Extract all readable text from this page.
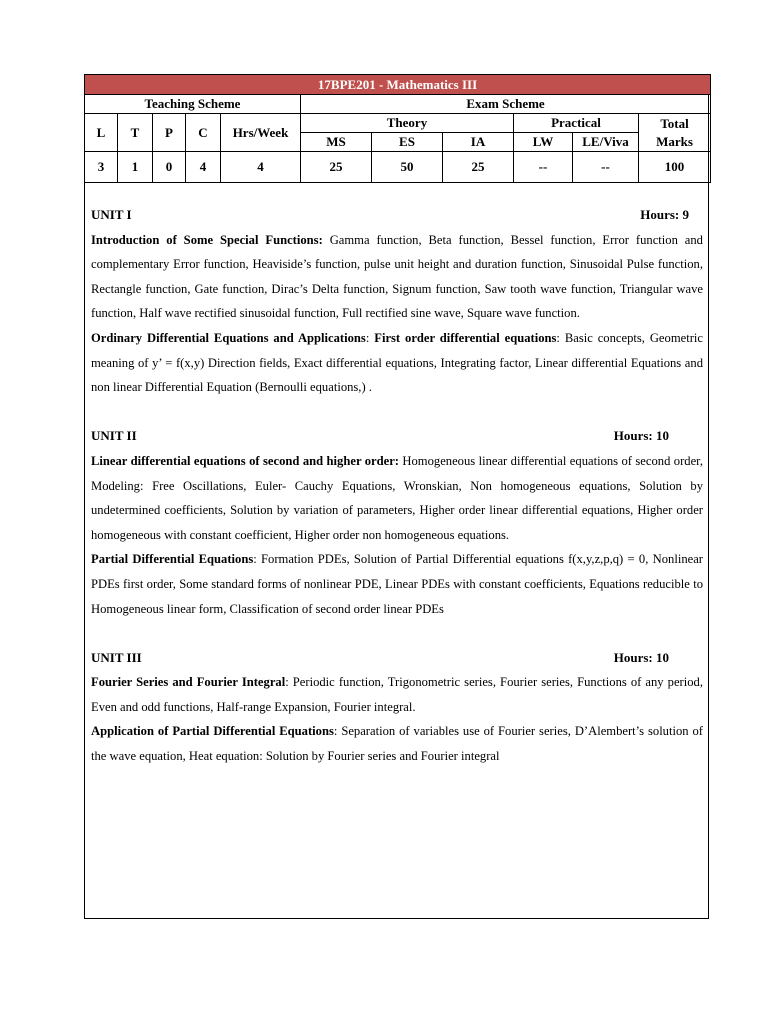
17BPE201 - Mathematics III										
Teaching Scheme					Exam Scheme					
L	T	P	C	Hrs/Week	Theory			Practical		Total
Marks
					MS	ES	IA	LW	LE/Viva	
3	1	0	4	4	25	50	25	--	--	100
UNIT I	Hours: 9

Introduction of Some Special Functions: Gamma function, Beta function, Bessel function, Error function and complementary Error function, Heaviside’s function, pulse unit height and duration function, Sinusoidal Pulse function, Rectangle function, Gate function, Dirac’s Delta function, Signum function, Saw tooth wave function, Triangular wave function, Half wave rectified sinusoidal function, Full rectified sine wave, Square wave function.

Ordinary Differential Equations and Applications: First order differential equations: Basic concepts, Geometric meaning of y’ = f(x,y) Direction fields, Exact differential equations, Integrating factor, Linear differential Equations and non linear Differential Equation (Bernoulli equations,) .

UNIT II	Hours: 10

Linear differential equations of second and higher order: Homogeneous linear differential equations of second order, Modeling: Free Oscillations, Euler- Cauchy Equations, Wronskian, Non homogeneous equations, Solution by undetermined coefficients, Solution by variation of parameters, Higher order linear differential equations, Higher order homogeneous with constant coefficient, Higher order non homogeneous equations.

Partial Differential Equations: Formation PDEs, Solution of Partial Differential equations f(x,y,z,p,q) = 0, Nonlinear PDEs first order, Some standard forms of nonlinear PDE, Linear PDEs with constant coefficients, Equations reducible to Homogeneous linear form, Classification of second order linear PDEs

UNIT III	Hours: 10

Fourier Series and Fourier Integral: Periodic function, Trigonometric series, Fourier series, Functions of any period, Even and odd functions, Half-range Expansion, Fourier integral.

Application of Partial Differential Equations: Separation of variables use of Fourier series, D’Alembert’s solution of the wave equation, Heat equation: Solution by Fourier series and Fourier integral
